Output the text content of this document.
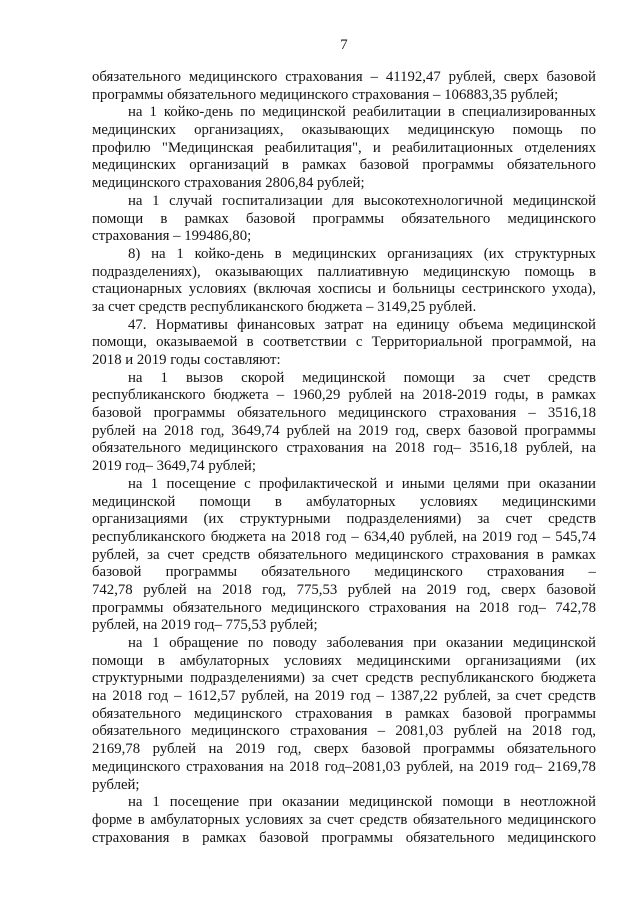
7
обязательного медицинского страхования – 41192,47 рублей, сверх базовой
программы обязательного медицинского страхования – 106883,35 рублей;
на 1 койко-день по медицинской реабилитации в специализированных
медицинских организациях, оказывающих медицинскую помощь по
профилю "Медицинская реабилитация", и реабилитационных отделениях
медицинских организаций в рамках базовой программы обязательного
медицинского страхования 2806,84 рублей;
на 1 случай госпитализации для высокотехнологичной медицинской
помощи в рамках базовой программы обязательного медицинского
страхования – 199486,80;
8) на 1 койко-день в медицинских организациях (их структурных
подразделениях), оказывающих паллиативную медицинскую помощь в
стационарных условиях (включая хосписы и больницы сестринского ухода),
за счет средств республиканского бюджета – 3149,25 рублей.
47. Нормативы финансовых затрат на единицу объема медицинской
помощи, оказываемой в соответствии с Территориальной программой, на
2018 и 2019 годы составляют:
на 1 вызов скорой медицинской помощи за счет средств
республиканского бюджета – 1960,29 рублей на 2018-2019 годы, в рамках
базовой программы обязательного медицинского страхования – 3516,18
рублей на 2018 год, 3649,74 рублей на 2019 год, сверх базовой программы
обязательного медицинского страхования на 2018 год– 3516,18 рублей, на
2019 год– 3649,74 рублей;
на 1 посещение с профилактической и иными целями при оказании
медицинской помощи в амбулаторных условиях медицинскими
организациями (их структурными подразделениями) за счет средств
республиканского бюджета на 2018 год – 634,40 рублей, на 2019 год – 545,74
рублей, за счет средств обязательного медицинского страхования в рамках
базовой программы обязательного медицинского страхования –
742,78 рублей на 2018 год, 775,53 рублей на 2019 год, сверх базовой
программы обязательного медицинского страхования на 2018 год– 742,78
рублей, на 2019 год– 775,53 рублей;
на 1 обращение по поводу заболевания при оказании медицинской
помощи в амбулаторных условиях медицинскими организациями (их
структурными подразделениями) за счет средств республиканского бюджета
на 2018 год – 1612,57 рублей, на 2019 год – 1387,22 рублей, за счет средств
обязательного медицинского страхования в рамках базовой программы
обязательного медицинского страхования – 2081,03 рублей на 2018 год,
2169,78 рублей на 2019 год, сверх базовой программы обязательного
медицинского страхования на 2018 год–2081,03 рублей, на 2019 год– 2169,78
рублей;
на 1 посещение при оказании медицинской помощи в неотложной
форме в амбулаторных условиях за счет средств обязательного медицинского
страхования в рамках базовой программы обязательного медицинского
